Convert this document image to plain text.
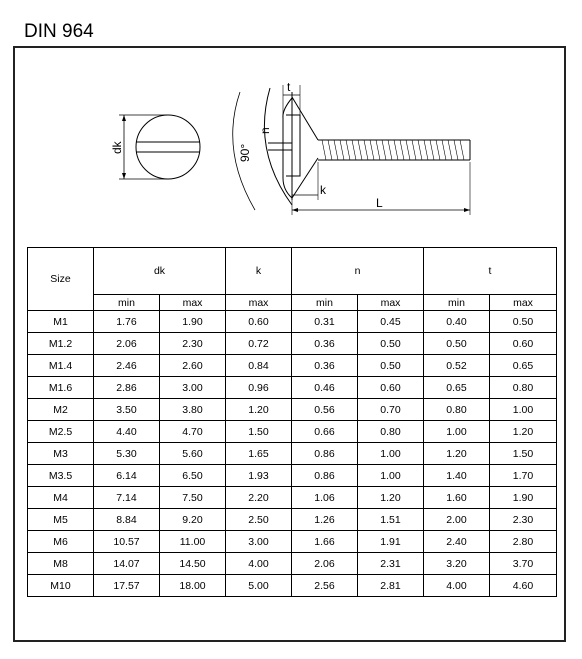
DIN 964
dk
t
n
90°
k
L
Size	dk		k	n		t	
	min	max	max	min	max	min	max
M1	1.76	1.90	0.60	0.31	0.45	0.40	0.50
M1.2	2.06	2.30	0.72	0.36	0.50	0.50	0.60
M1.4	2.46	2.60	0.84	0.36	0.50	0.52	0.65
M1.6	2.86	3.00	0.96	0.46	0.60	0.65	0.80
M2	3.50	3.80	1.20	0.56	0.70	0.80	1.00
M2.5	4.40	4.70	1.50	0.66	0.80	1.00	1.20
M3	5.30	5.60	1.65	0.86	1.00	1.20	1.50
M3.5	6.14	6.50	1.93	0.86	1.00	1.40	1.70
M4	7.14	7.50	2.20	1.06	1.20	1.60	1.90
M5	8.84	9.20	2.50	1.26	1.51	2.00	2.30
M6	10.57	11.00	3.00	1.66	1.91	2.40	2.80
M8	14.07	14.50	4.00	2.06	2.31	3.20	3.70
M10	17.57	18.00	5.00	2.56	2.81	4.00	4.60
